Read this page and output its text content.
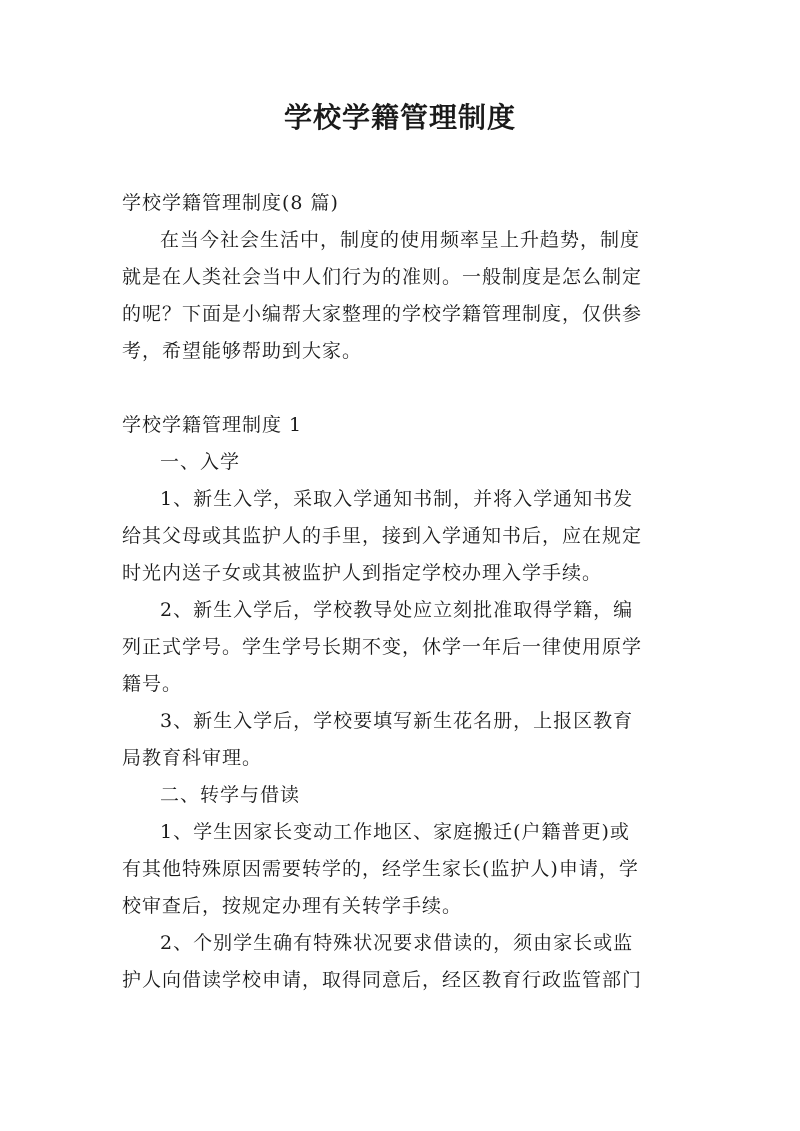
学校学籍管理制度
学校学籍管理制度(8 篇)

在当今社会生活中，制度的使用频率呈上升趋势，制度
就是在人类社会当中人们行为的准则。一般制度是怎么制定
的呢？下面是小编帮大家整理的学校学籍管理制度，仅供参
考，希望能够帮助到大家。

学校学籍管理制度 1
一、入学

1、新生入学，采取入学通知书制，并将入学通知书发
给其父母或其监护人的手里，接到入学通知书后，应在规定
时光内送子女或其被监护人到指定学校办理入学手续。

2、新生入学后，学校教导处应立刻批准取得学籍，编
列正式学号。学生学号长期不变，休学一年后一律使用原学
籍号。

3、新生入学后，学校要填写新生花名册，上报区教育
局教育科审理。

二、转学与借读

1、学生因家长变动工作地区、家庭搬迁(户籍普更)或
有其他特殊原因需要转学的，经学生家长(监护人)申请，学
校审查后，按规定办理有关转学手续。

2、个别学生确有特殊状况要求借读的，须由家长或监
护人向借读学校申请，取得同意后，经区教育行政监管部门
